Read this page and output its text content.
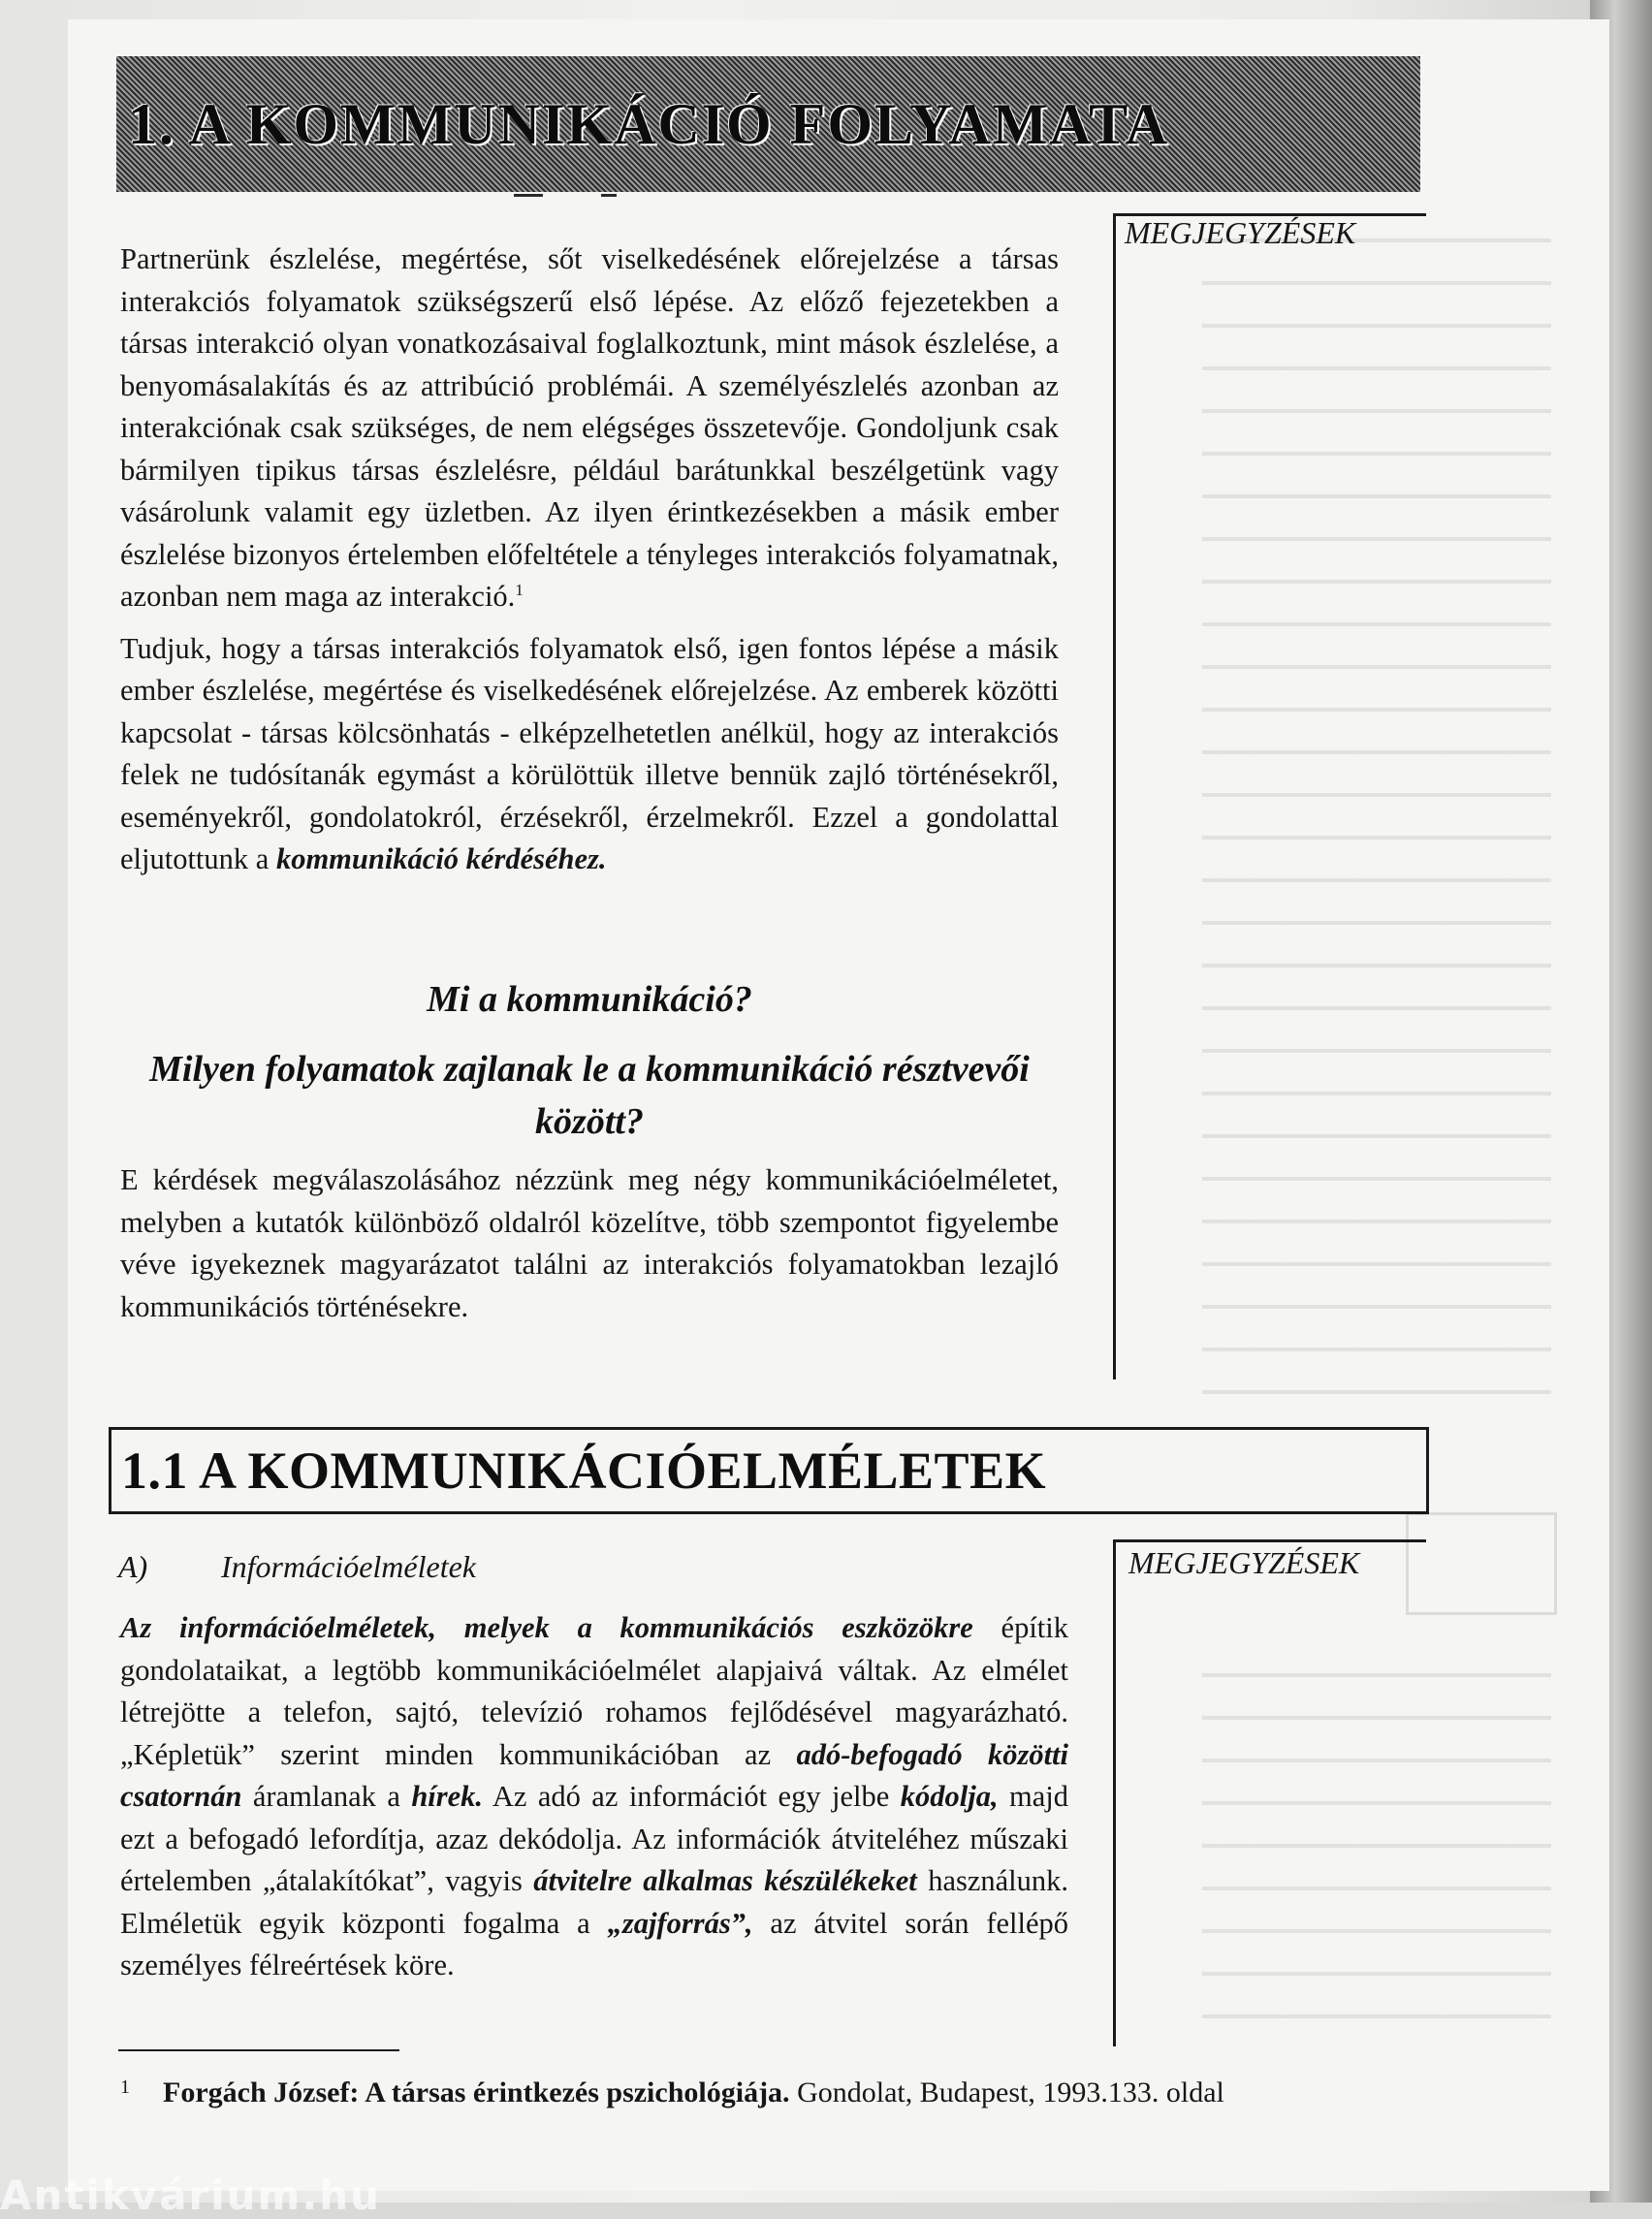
1. A KOMMUNIKÁCIÓ FOLYAMATA
MEGJEGYZÉSEK

Partnerünk észlelése, megértése, sőt viselkedésének előrejelzése a társas interakciós folyamatok szükségszerű első lépése. Az előző fejezetekben a társas interakció olyan vonatkozásaival foglalkoztunk, mint mások észlelése, a benyomásalakítás és az attribúció problémái. A személyészlelés azonban az interakciónak csak szükséges, de nem elégséges összetevője. Gondoljunk csak bármilyen tipikus társas észlelésre, például barátunkkal beszélgetünk vagy vásárolunk valamit egy üzletben. Az ilyen érintkezésekben a másik ember észlelése bizonyos értelemben előfeltétele a tényleges interakciós folyamatnak, azonban nem maga az interakció.$^1$

Tudjuk, hogy a társas interakciós folyamatok első, igen fontos lépése a másik ember észlelése, megértése és viselkedésének előrejelzése. Az emberek közötti kapcsolat - társas kölcsönhatás - elképzelhetetlen anélkül, hogy az interakciós felek ne tudósítanák egymást a körülöttük illetve bennük zajló történésekről, eseményekről, gondolatokról, érzésekről, érzelmekről. Ezzel a gondolattal eljutottunk a kommunikáció kérdéséhez.

Mi a kommunikáció?
Milyen folyamatok zajlanak le a kommunikáció résztvevői között?
E kérdések megválaszolásához nézzünk meg négy kommunikációelméletet, melyben a kutatók különböző oldalról közelítve, több szempontot figyelembe véve igyekeznek magyarázatot találni az interakciós folyamatokban lezajló kommunikációs történésekre.
1.1 A KOMMUNIKÁCIÓELMÉLETEK
MEGJEGYZÉSEK
A) Információelméletek
Az információelméletek, melyek a kommunikációs eszközökre építik gondolataikat, a legtöbb kommunikációelmélet alapjaivá váltak. Az elmélet létrejötte a telefon, sajtó, televízió rohamos fejlődésével magyarázható. „Képletük” szerint minden kommunikációban az adó-befogadó közötti csatornán áramlanak a hírek. Az adó az információt egy jelbe kódolja, majd ezt a befogadó lefordítja, azaz dekódolja. Az információk átviteléhez műszaki értelemben „átalakítókat”, vagyis átvitelre alkalmas készülékeket használunk. Elméletük egyik központi fogalma a „zajforrás”, az átvitel során fellépő személyes félreértések köre.
1 Forgách József: A társas érintkezés pszichológiája. Gondolat, Budapest, 1993.133. oldal
Antikvárium.hu
